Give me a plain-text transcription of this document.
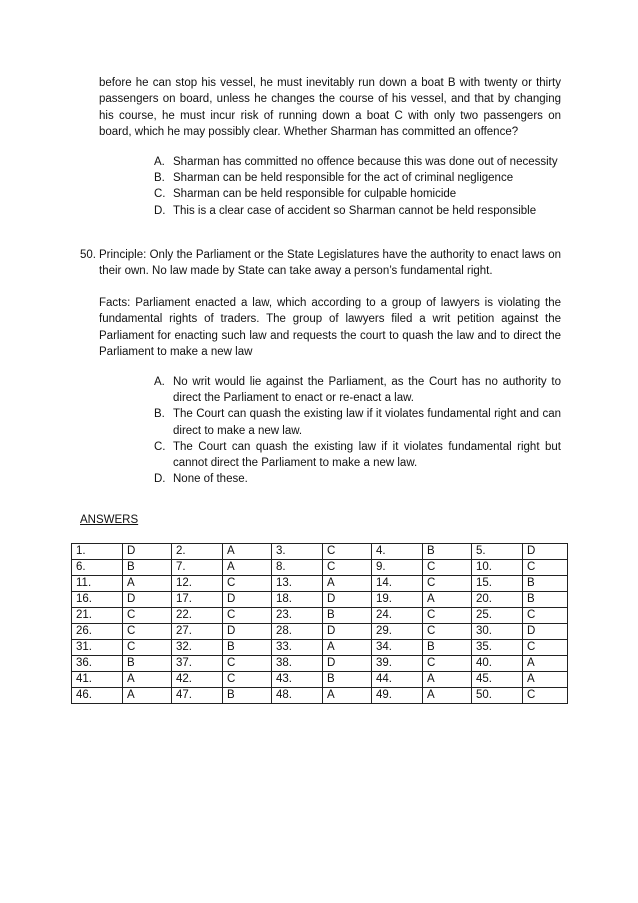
before he can stop his vessel, he must inevitably run down a boat B with twenty or thirty passengers on board, unless he changes the course of his vessel, and that by changing his course, he must incur risk of running down a boat C with only two passengers on board, which he may possibly clear. Whether Sharman has committed an offence?

A. Sharman has committed no offence because this was done out of necessity
B. Sharman can be held responsible for the act of criminal negligence
C. Sharman can be held responsible for culpable homicide
D. This is a clear case of accident so Sharman cannot be held responsible
50. Principle: Only the Parliament or the State Legislatures have the authority to enact laws on their own. No law made by State can take away a person’s fundamental right.

Facts: Parliament enacted a law, which according to a group of lawyers is violating the fundamental rights of traders. The group of lawyers filed a writ petition against the Parliament for enacting such law and requests the court to quash the law and to direct the Parliament to make a new law

A. No writ would lie against the Parliament, as the Court has no authority to direct the Parliament to enact or re-enact a law.
B. The Court can quash the existing law if it violates fundamental right and can direct to make a new law.
C. The Court can quash the existing law if it violates fundamental right but cannot direct the Parliament to make a new law.
D. None of these.
ANSWERS
1.	D	2.	A	3.	C	4.	B	5.	D
6.	B	7.	A	8.	C	9.	C	10.	C
11.	A	12.	C	13.	A	14.	C	15.	B
16.	D	17.	D	18.	D	19.	A	20.	B
21.	C	22.	C	23.	B	24.	C	25.	C
26.	C	27.	D	28.	D	29.	C	30.	D
31.	C	32.	B	33.	A	34.	B	35.	C
36.	B	37.	C	38.	D	39.	C	40.	A
41.	A	42.	C	43.	B	44.	A	45.	A
46.	A	47.	B	48.	A	49.	A	50.	C
